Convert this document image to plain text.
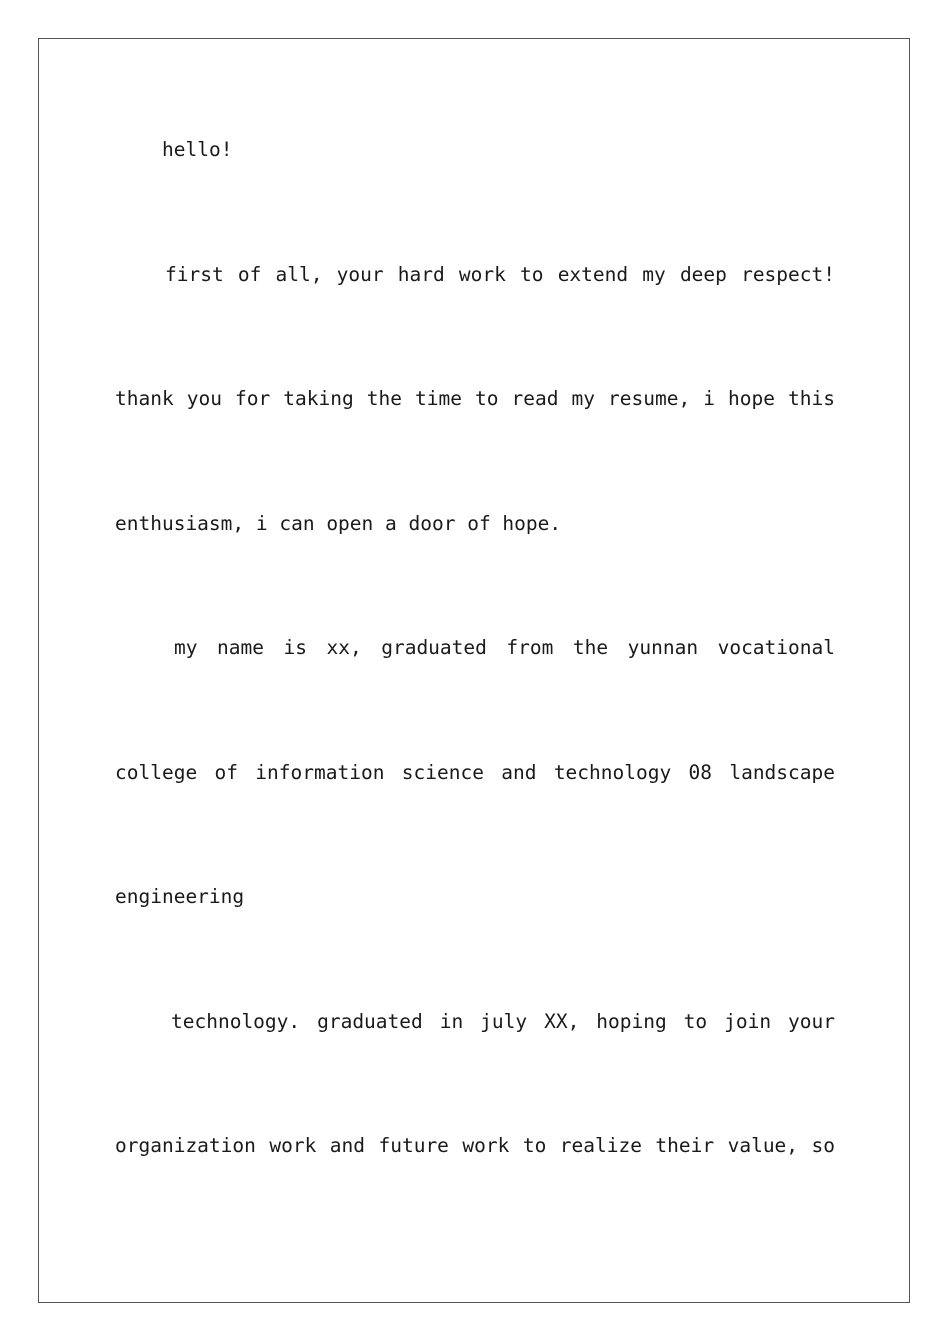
hello!
first of all, your hard work to extend my deep respect!
thank you for taking the time to read my resume, i hope this
enthusiasm, i can open a door of hope.
my name is xx, graduated from the yunnan vocational
college of information science and technology 08 landscape
engineering
technology. graduated in july XX, hoping to join your
organization work and future work to realize their value, so
